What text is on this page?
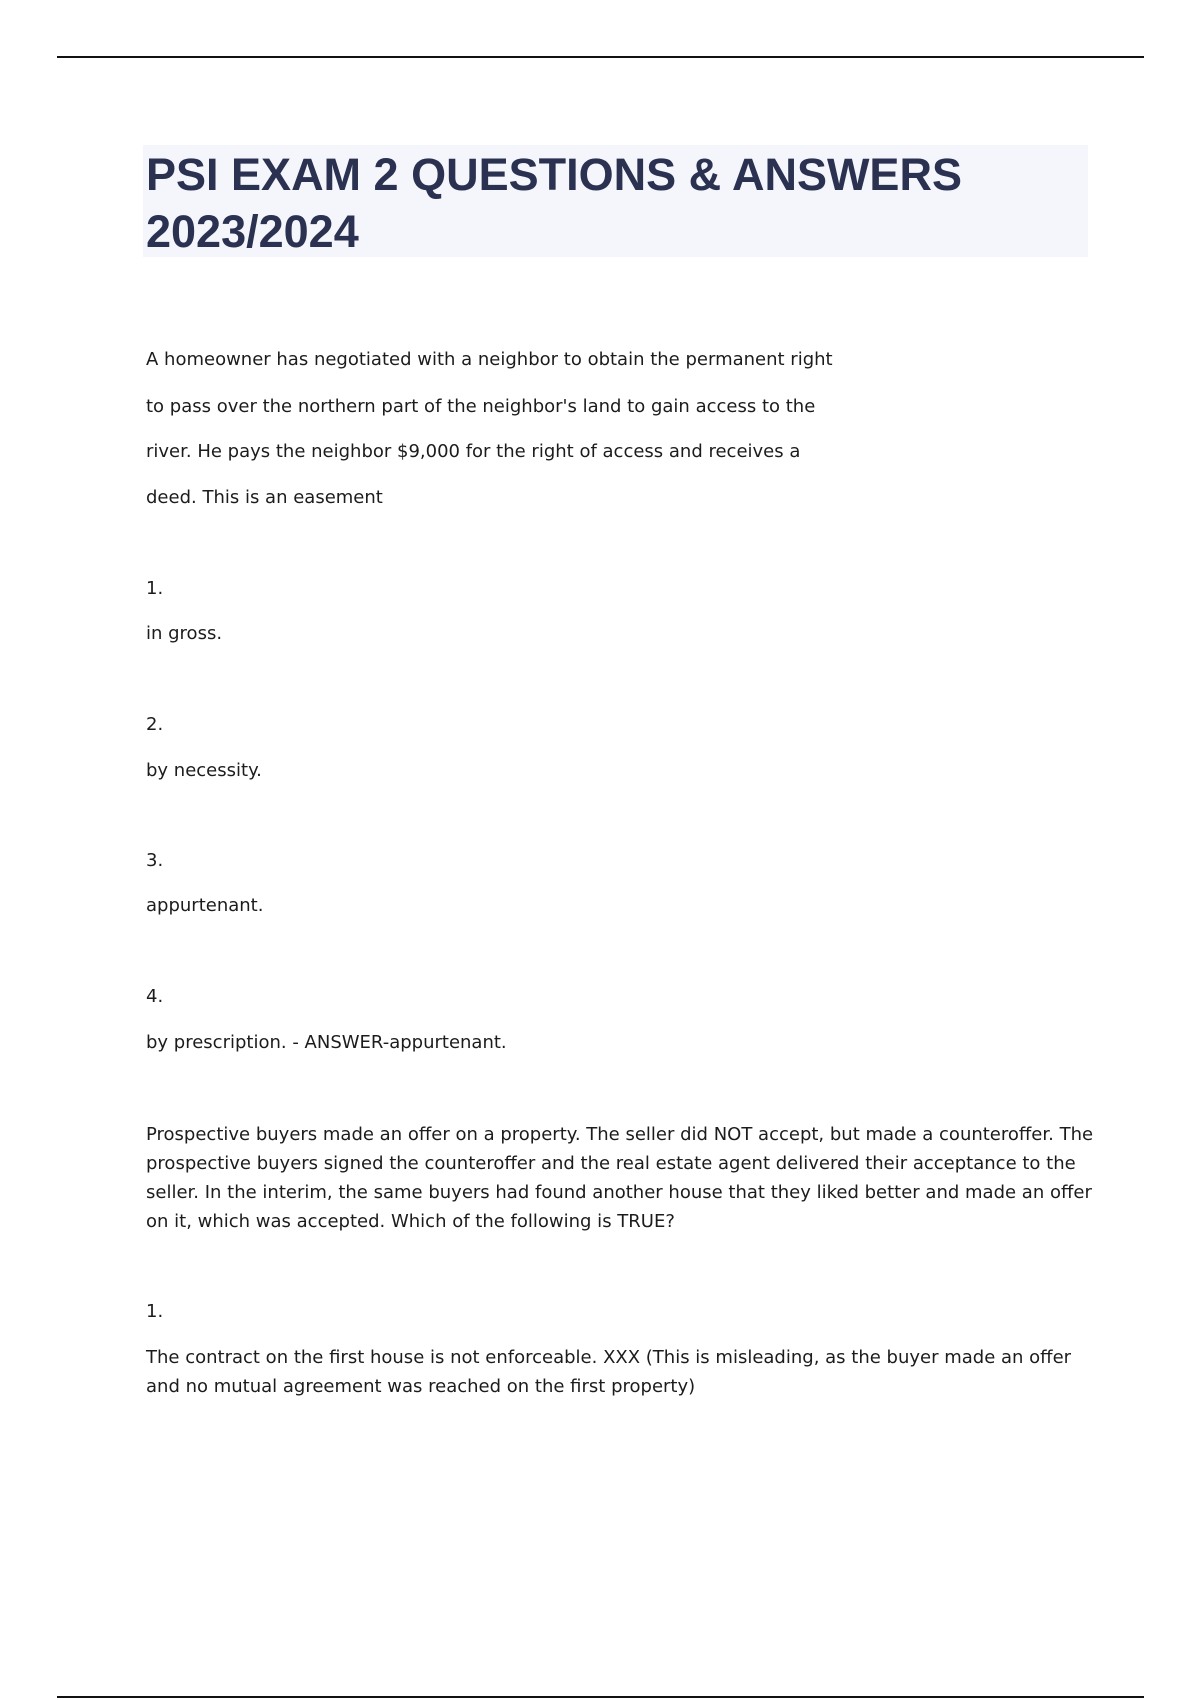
PSI EXAM 2 QUESTIONS & ANSWERS 2023/2024

A homeowner has negotiated with a neighbor to obtain the permanent right

to pass over the northern part of the neighbor's land to gain access to the

river. He pays the neighbor $9,000 for the right of access and receives a

deed. This is an easement

1.

in gross.

2.

by necessity.

3.

appurtenant.

4.

by prescription. - ANSWER-appurtenant.

Prospective buyers made an offer on a property. The seller did NOT accept, but made a counteroffer. The prospective buyers signed the counteroffer and the real estate agent delivered their acceptance to the seller. In the interim, the same buyers had found another house that they liked better and made an offer on it, which was accepted. Which of the following is TRUE?

1.

The contract on the first house is not enforceable. XXX (This is misleading, as the buyer made an offer and no mutual agreement was reached on the first property)
